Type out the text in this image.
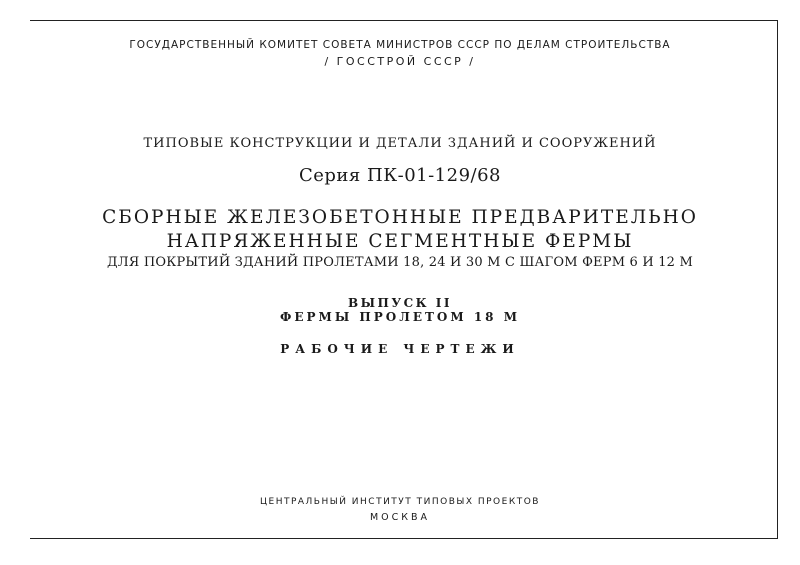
ГОСУДАРСТВЕННЫЙ КОМИТЕТ СОВЕТА МИНИСТРОВ СССР ПО ДЕЛАМ СТРОИТЕЛЬСТВА
/ ГОССТРОЙ СССР /
ТИПОВЫЕ КОНСТРУКЦИИ И ДЕТАЛИ ЗДАНИЙ И СООРУЖЕНИЙ
Серия ПК-01-129/68
СБОРНЫЕ ЖЕЛЕЗОБЕТОННЫЕ ПРЕДВАРИТЕЛЬНО
НАПРЯЖЕННЫЕ СЕГМЕНТНЫЕ ФЕРМЫ
ДЛЯ ПОКРЫТИЙ ЗДАНИЙ ПРОЛЕТАМИ 18, 24 И 30 М С ШАГОМ ФЕРМ 6 И 12 М
ВЫПУСК II
ФЕРМЫ ПРОЛЕТОМ 18 М
РАБОЧИЕ ЧЕРТЕЖИ
ЦЕНТРАЛЬНЫЙ ИНСТИТУТ ТИПОВЫХ ПРОЕКТОВ
МОСКВА
